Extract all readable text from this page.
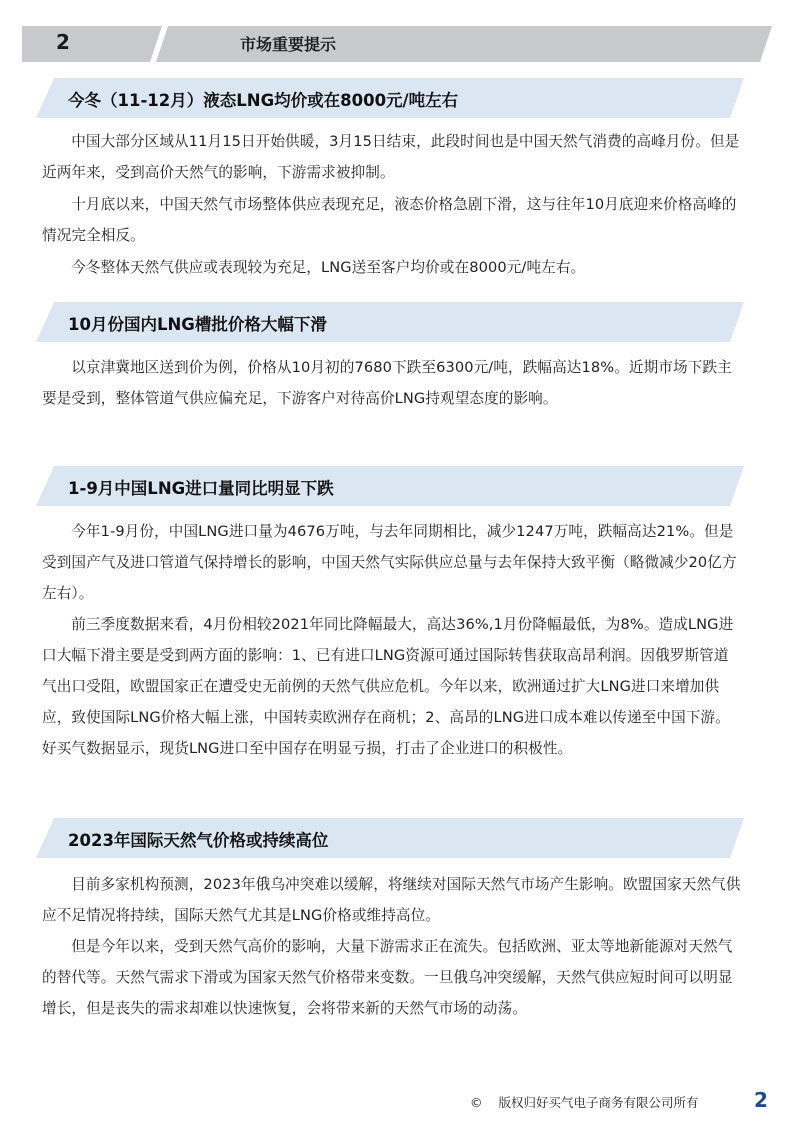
2	市场重要提示
今冬（11-12月）液态LNG均价或在8000元/吨左右

中国大部分区域从11月15日开始供暖，3月15日结束，此段时间也是中国天然气消费的高峰月份。但是近两年来，受到高价天然气的影响，下游需求被抑制。

十月底以来，中国天然气市场整体供应表现充足，液态价格急剧下滑，这与往年10月底迎来价格高峰的情况完全相反。

今冬整体天然气供应或表现较为充足，LNG送至客户均价或在8000元/吨左右。

10月份国内LNG槽批价格大幅下滑

以京津冀地区送到价为例，价格从10月初的7680下跌至6300元/吨，跌幅高达18%。近期市场下跌主要是受到，整体管道气供应偏充足，下游客户对待高价LNG持观望态度的影响。

1-9月中国LNG进口量同比明显下跌

今年1-9月份，中国LNG进口量为4676万吨，与去年同期相比，减少1247万吨，跌幅高达21%。但是受到国产气及进口管道气保持增长的影响，中国天然气实际供应总量与去年保持大致平衡（略微减少20亿方左右）。

前三季度数据来看，4月份相较2021年同比降幅最大，高达36%,1月份降幅最低，为8%。造成LNG进口大幅下滑主要是受到两方面的影响：1、已有进口LNG资源可通过国际转售获取高昂利润。因俄罗斯管道气出口受阻，欧盟国家正在遭受史无前例的天然气供应危机。今年以来，欧洲通过扩大LNG进口来增加供应，致使国际LNG价格大幅上涨，中国转卖欧洲存在商机；2、高昂的LNG进口成本难以传递至中国下游。好买气数据显示，现货LNG进口至中国存在明显亏损，打击了企业进口的积极性。

2023年国际天然气价格或持续高位

目前多家机构预测，2023年俄乌冲突难以缓解，将继续对国际天然气市场产生影响。欧盟国家天然气供应不足情况将持续，国际天然气尤其是LNG价格或维持高位。

但是今年以来，受到天然气高价的影响，大量下游需求正在流失。包括欧洲、亚太等地新能源对天然气的替代等。天然气需求下滑或为国家天然气价格带来变数。一旦俄乌冲突缓解，天然气供应短时间可以明显增长，但是丧失的需求却难以快速恢复，会将带来新的天然气市场的动荡。

© 版权归好买气电子商务有限公司所有	2
